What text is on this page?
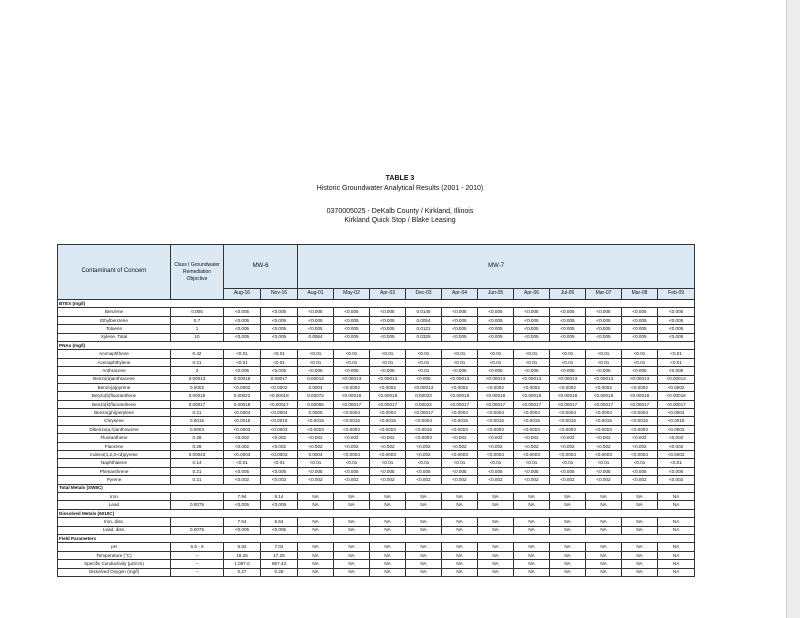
TABLE 3
Historic Groundwater Analytical Results (2001 - 2010)
0370005025 - DeKalb County / Kirkland, Illinois
Kirkland Quick Stop / Blake Leasing
Contaminant of Concern	Class I Groundwater Remediation Objective	MW-6		MW-7										
		Aug-16	Nov-16	Aug-01	May-02	Apr-03	Dec-03	Apr-04	Jun-05	Apr-06	Jul-06	Mar-07	Mar-08	Feb-09
BTEX (mg/l)														
Benzene	0.005	<0.005	<0.005	<0.005	<0.005	<0.005	0.0145	<0.005	<0.005	<0.005	<0.005	<0.005	<0.005	<0.005
Ethylbenzene	0.7	<0.005	<0.005	<0.005	<0.005	<0.005	0.0054	<0.005	<0.005	<0.005	<0.005	<0.005	<0.005	<0.005
Toluene	1	<0.005	<0.005	<0.005	<0.005	<0.005	0.0121	<0.005	<0.005	<0.005	<0.005	<0.005	<0.005	<0.005
Xylene, Total	10	<0.005	<0.005	0.0064	<0.005	<0.005	0.0325	<0.005	<0.005	<0.005	<0.005	<0.005	<0.005	<0.005
PNAs (mg/l)														
Acenaphthene	0.42	<0.01	<0.01	<0.01	<0.01	<0.01	<0.01	<0.01	<0.01	<0.01	<0.01	<0.01	<0.01	<0.01
Acenaphthylene	0.21	<0.01	<0.01	<0.01	<0.01	<0.01	<0.01	<0.01	<0.01	<0.01	<0.01	<0.01	<0.01	<0.01
Anthracene	2	<0.005	<0.005	<0.005	<0.005	<0.005	<0.01	<0.005	<0.005	<0.005	<0.005	<0.005	<0.005	<0.005
Benzo(a)anthracene	0.00013	0.00015	0.00017	0.00013	<0.00013	<0.00013	<0.005	<0.00013	<0.00013	<0.00013	<0.00013	<0.00013	<0.00013	<0.00013
Benzo(a)pyrene	0.0002	<0.0002	<0.0002	0.0004	<0.0002	<0.0002	<0.00013	<0.0002	<0.0002	<0.0002	<0.0002	<0.0002	<0.0002	<0.0002
Benzo(b)fluoranthene	0.00018	0.00022	<0.00018	0.00072	<0.00018	<0.00018	0.00023	<0.00018	<0.00018	<0.00018	<0.00018	<0.00018	<0.00018	<0.00018
Benzo(k)fluoranthene	0.00017	0.00018	<0.00017	0.00056	<0.00017	<0.00017	0.00022	<0.00017	<0.00017	<0.00017	<0.00017	<0.00017	<0.00017	<0.00017
Benzo(ghi)perylene	0.21	<0.0004	<0.0004	0.0005	<0.0004	<0.0004	<0.00017	<0.0004	<0.0004	<0.0004	<0.0004	<0.0004	<0.0004	<0.0004
Chrysene	0.0015	<0.0015	<0.0015	<0.0015	<0.0015	<0.0015	<0.0004	<0.0015	<0.0015	<0.0015	<0.0015	<0.0015	<0.0015	<0.0015
Dibenzo(a,h)anthracene	0.0003	<0.0003	<0.0003	<0.0003	<0.0003	<0.0003	<0.0015	<0.0003	<0.0003	<0.0003	<0.0003	<0.0003	<0.0003	<0.0003
Fluoranthene	0.28	<0.002	<0.002	<0.002	<0.002	<0.002	<0.0003	<0.002	<0.002	<0.002	<0.002	<0.002	<0.002	<0.002
Fluorene	0.28	<0.002	<0.002	<0.002	<0.002	<0.002	<0.002	<0.002	<0.002	<0.002	<0.002	<0.002	<0.002	<0.002
Indeno(1,2,3-cd)pyrene	0.00043	<0.0003	<0.0003	0.0004	<0.0003	<0.0003	<0.002	<0.0003	<0.0003	<0.0003	<0.0003	<0.0003	<0.0003	<0.0003
Naphthalene	0.14	<0.01	<0.01	<0.01	<0.01	<0.01	<0.01	<0.01	<0.01	<0.01	<0.01	<0.01	<0.01	<0.01
Phenanthrene	0.21	<0.005	<0.005	<0.005	<0.005	<0.005	<0.005	<0.005	<0.005	<0.005	<0.005	<0.005	<0.005	<0.005
Pyrene	0.21	<0.002	<0.002	<0.002	<0.002	<0.002	<0.002	<0.002	<0.002	<0.002	<0.002	<0.002	<0.002	<0.002
Total Metals (SW8C)														
Iron		7.94	5.14	NA	NA	NA	NA	NA	NA	NA	NA	NA	NA	NA
Lead	0.0075	<0.005	<0.005	NA	NA	NA	NA	NA	NA	NA	NA	NA	NA	NA
Dissolved Metals (6010C)														
Iron, diss.		7.54	5.54	NA	NA	NA	NA	NA	NA	NA	NA	NA	NA	NA
Lead, diss.	0.0075	<0.005	<0.005	NA	NA	NA	NA	NA	NA	NA	NA	NA	NA	NA
Field Parameters														
pH	6.5 - 9	6.82	7.02	NA	NA	NA	NA	NA	NA	NA	NA	NA	NA	NA
Temperature (°C)	--	19.25	17.25	NA	NA	NA	NA	NA	NA	NA	NA	NA	NA	NA
Specific Conductivity (µS/cm)	--	1,097.0	857.43	NA	NA	NA	NA	NA	NA	NA	NA	NA	NA	NA
Dissolved Oxygen (mg/l)	--	0.27	0.28	NA	NA	NA	NA	NA	NA	NA	NA	NA	NA	NA
